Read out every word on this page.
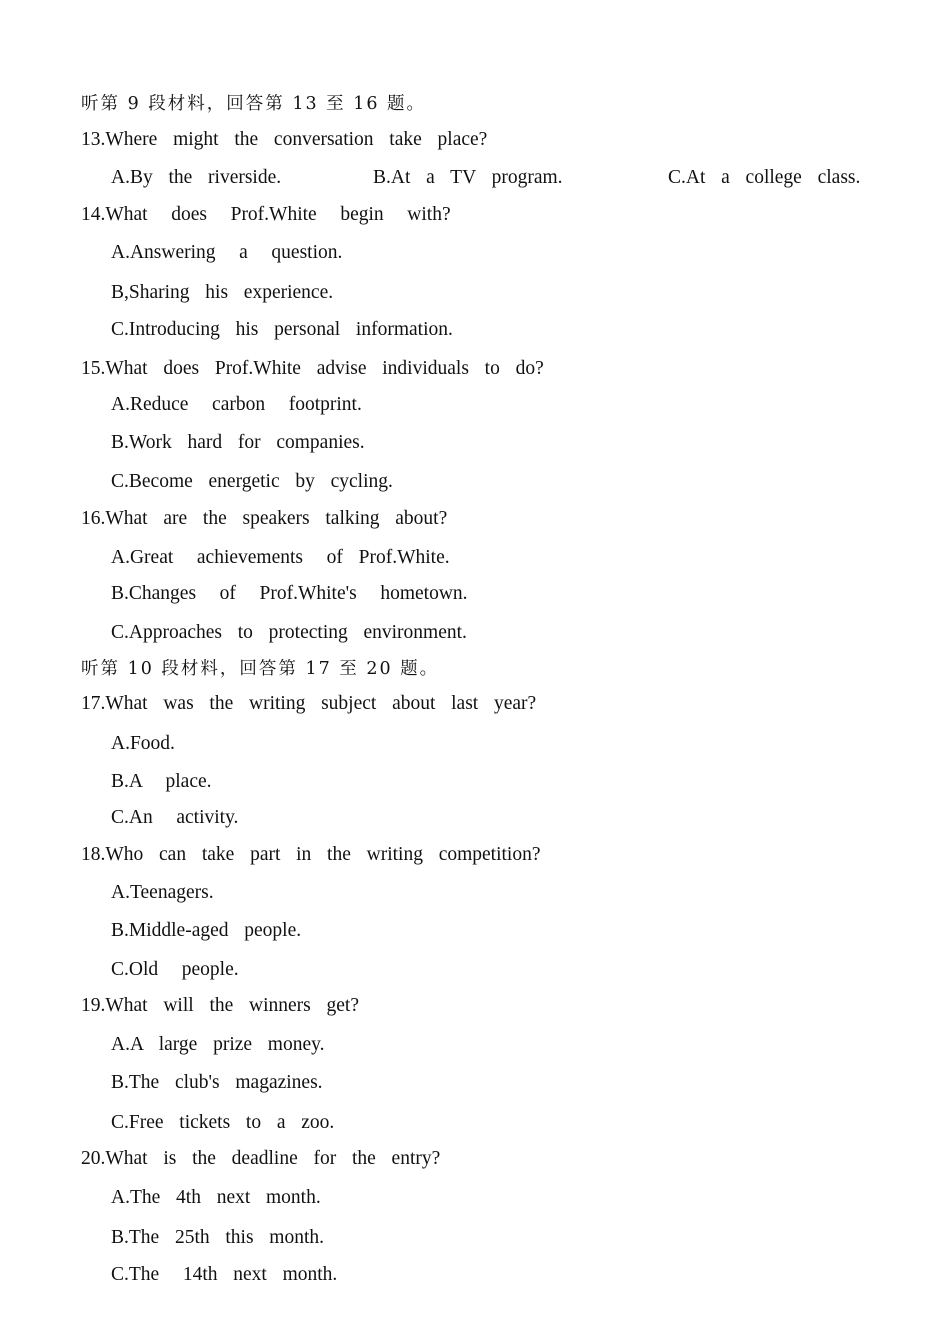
听第 9 段材料，回答第 13 至 16 题。
13.Where  might  the  conversation  take  place?
A.By  the  riverside.	B.At  a  TV  program.	C.At  a  college  class.
14.What   does   Prof.White   begin   with?
A.Answering   a   question.
B,Sharing  his  experience.
C.Introducing  his  personal  information.
15.What  does  Prof.White  advise  individuals  to  do?
A.Reduce   carbon   footprint.
B.Work  hard  for  companies.
C.Become  energetic  by  cycling.
16.What  are  the  speakers  talking  about?
A.Great   achievements   of  Prof.White.
B.Changes   of   Prof.White's   hometown.
C.Approaches  to  protecting  environment.
听第 10 段材料，回答第 17 至 20 题。
17.What  was  the  writing  subject  about  last  year?
A.Food.
B.A   place.
C.An   activity.
18.Who  can  take  part  in  the  writing  competition?
A.Teenagers.
B.Middle-aged  people.
C.Old   people.
19.What  will  the  winners  get?
A.A  large  prize  money.
B.The  club's  magazines.
C.Free  tickets  to  a  zoo.
20.What  is  the  deadline  for  the  entry?
A.The  4th  next  month.
B.The  25th  this  month.
C.The   14th  next  month.
